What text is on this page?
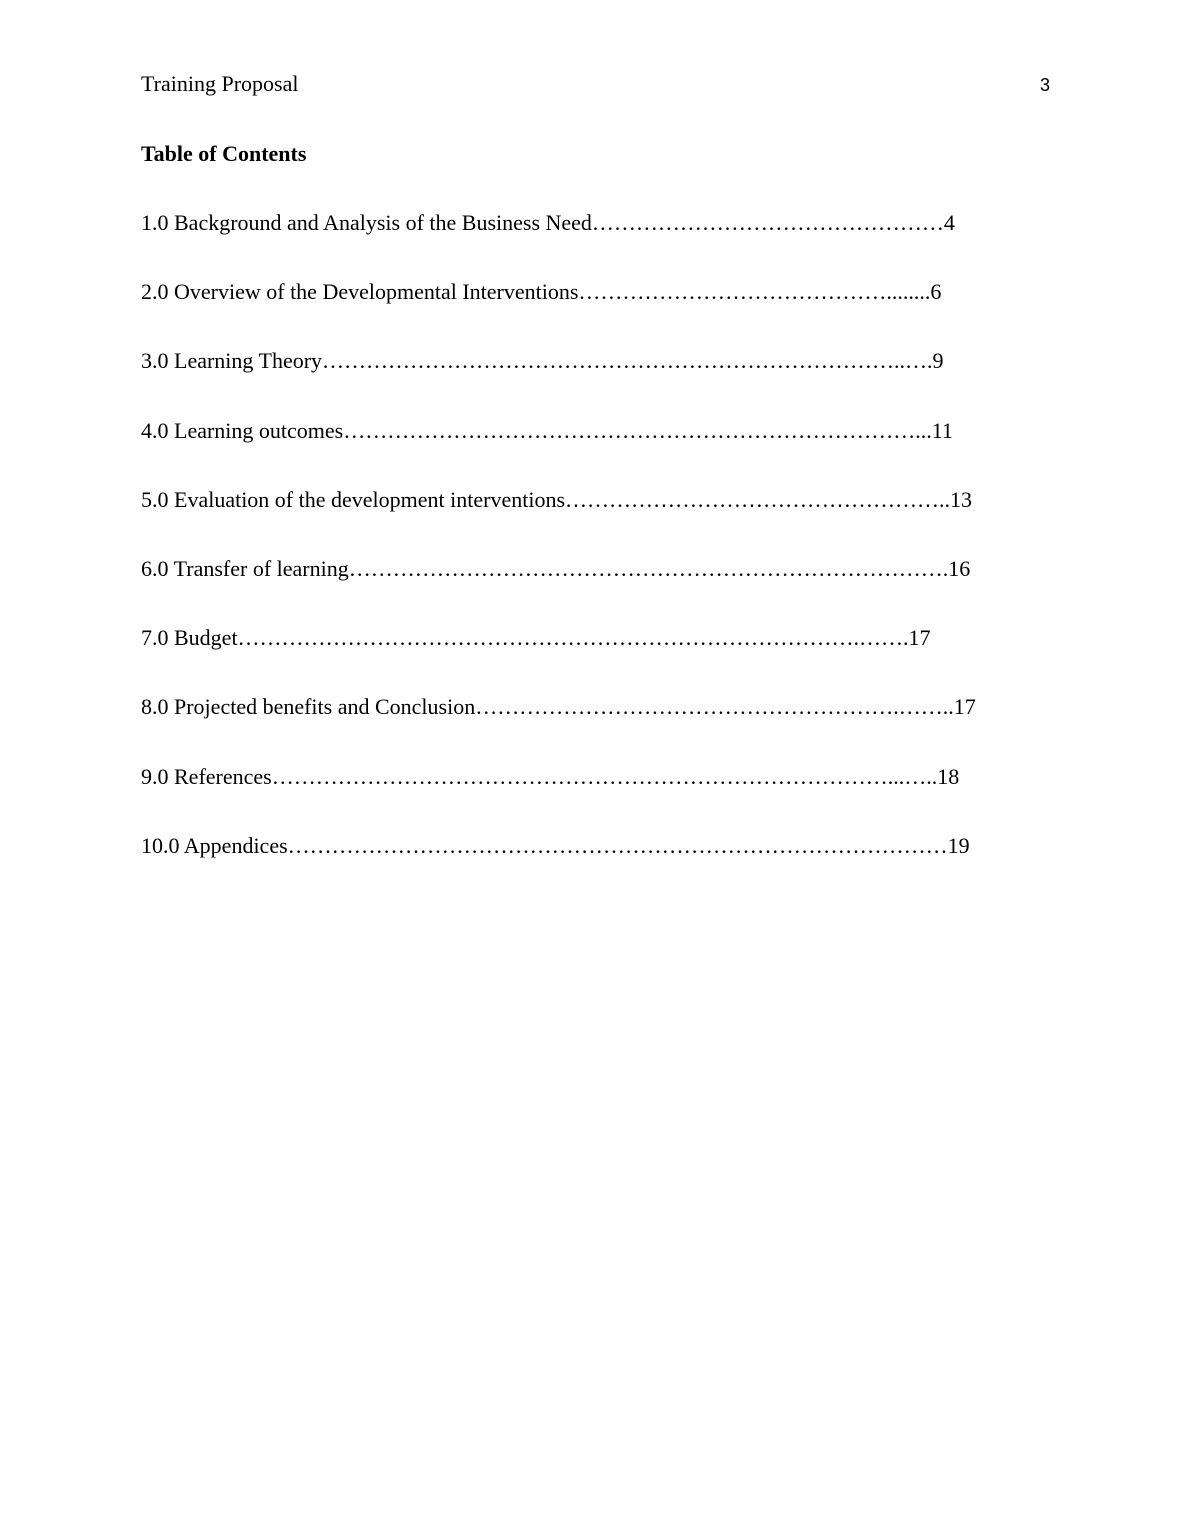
Training Proposal	3
Table of Contents
1.0 Background and Analysis of the Business Need…………………………………………4
2.0 Overview of the Developmental Interventions……………………………………........6
3.0 Learning Theory……………………………………………………………………..….9
4.0 Learning outcomes……………………………………………………………………...11
5.0 Evaluation of the development interventions……………………………………………..13
6.0 Transfer of learning……………………………………………………………………….16
7.0 Budget………………………………………………………………………….…….17
8.0 Projected benefits and Conclusion………………………………………………….……..17
9.0 References…………………………………………………………………………...…..18
10.0 Appendices………………………………………………………………………………19
